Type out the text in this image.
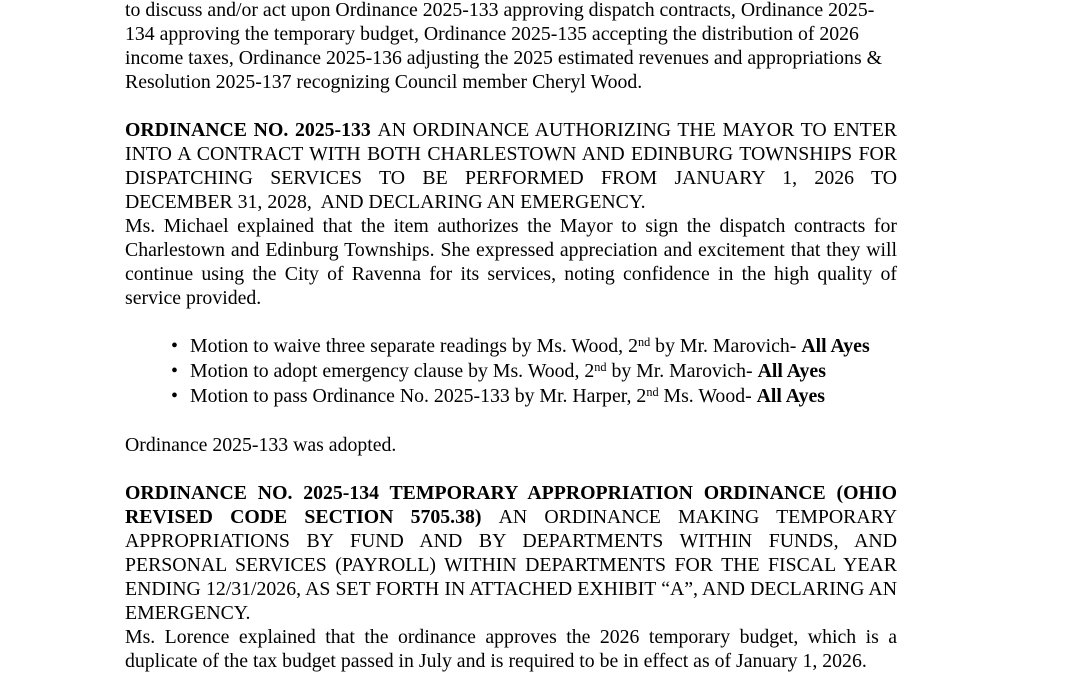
to discuss and/or act upon Ordinance 2025-133 approving dispatch contracts, Ordinance 2025-134 approving the temporary budget, Ordinance 2025-135 accepting the distribution of 2026 income taxes, Ordinance 2025-136 adjusting the 2025 estimated revenues and appropriations & Resolution 2025-137 recognizing Council member Cheryl Wood.
ORDINANCE NO. 2025-133 AN ORDINANCE AUTHORIZING THE MAYOR TO ENTER INTO A CONTRACT WITH BOTH CHARLESTOWN AND EDINBURG TOWNSHIPS FOR DISPATCHING SERVICES TO BE PERFORMED FROM JANUARY 1, 2026 TO DECEMBER 31, 2028,  AND DECLARING AN EMERGENCY.
Ms. Michael explained that the item authorizes the Mayor to sign the dispatch contracts for Charlestown and Edinburg Townships. She expressed appreciation and excitement that they will continue using the City of Ravenna for its services, noting confidence in the high quality of service provided.
• Motion to waive three separate readings by Ms. Wood, 2nd by Mr. Marovich- All Ayes
• Motion to adopt emergency clause by Ms. Wood, 2nd by Mr. Marovich- All Ayes
• Motion to pass Ordinance No. 2025-133 by Mr. Harper, 2nd Ms. Wood- All Ayes
Ordinance 2025-133 was adopted.
ORDINANCE NO. 2025-134 TEMPORARY APPROPRIATION ORDINANCE (OHIO REVISED CODE SECTION 5705.38) AN ORDINANCE MAKING TEMPORARY APPROPRIATIONS BY FUND AND BY DEPARTMENTS WITHIN FUNDS, AND PERSONAL SERVICES (PAYROLL) WITHIN DEPARTMENTS FOR THE FISCAL YEAR ENDING 12/31/2026, AS SET FORTH IN ATTACHED EXHIBIT “A”, AND DECLARING AN EMERGENCY.
Ms. Lorence explained that the ordinance approves the 2026 temporary budget, which is a duplicate of the tax budget passed in July and is required to be in effect as of January 1, 2026.
